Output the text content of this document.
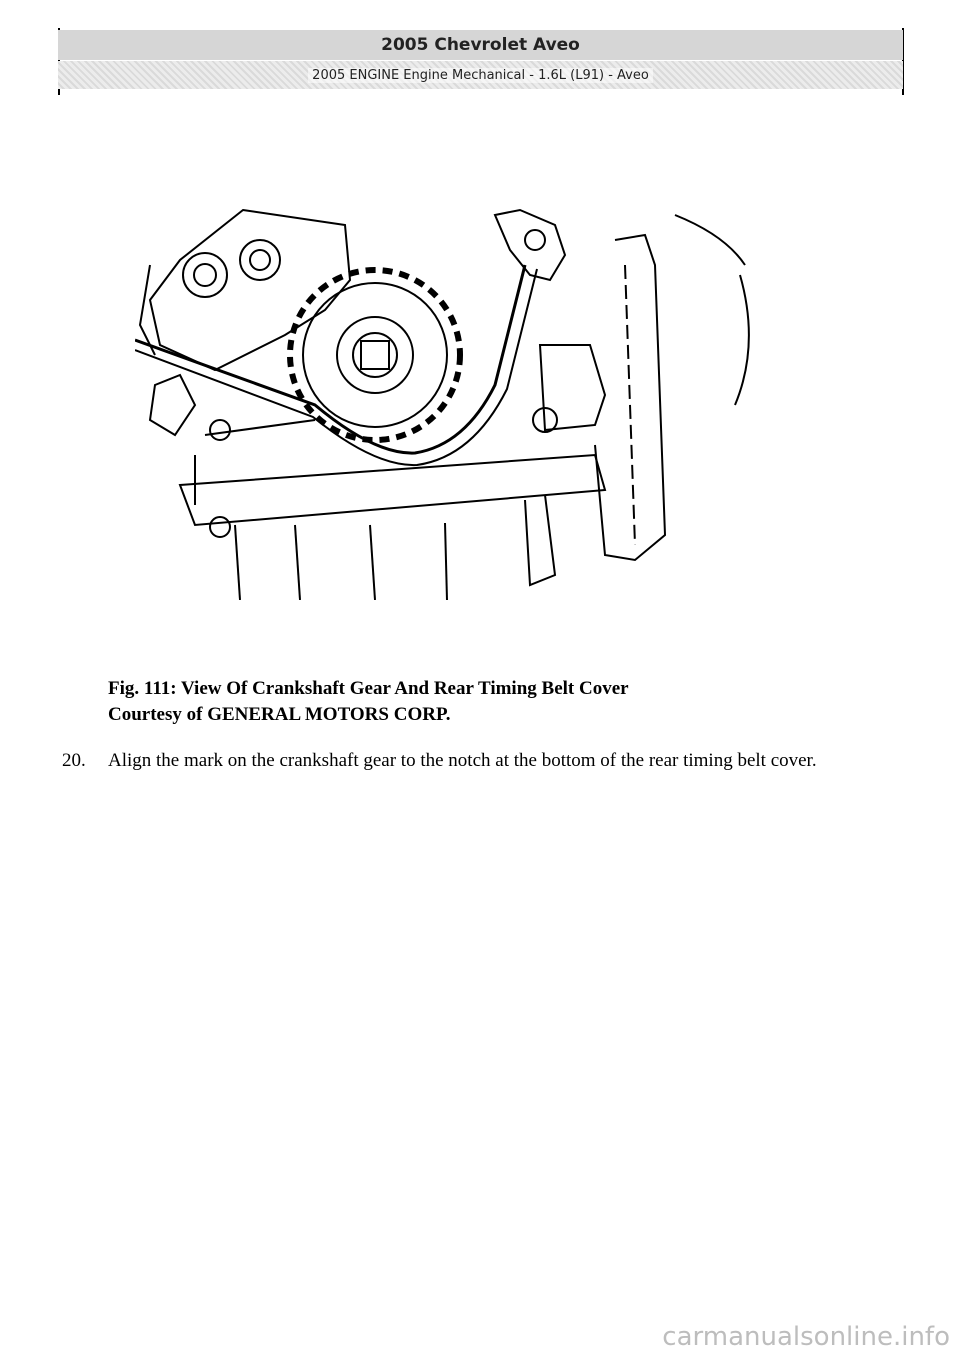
2005 Chevrolet Aveo
2005 ENGINE Engine Mechanical - 1.6L (L91) - Aveo
Fig. 111: View Of Crankshaft Gear And Rear Timing Belt Cover
Courtesy of GENERAL MOTORS CORP.
20.	Align the mark on the crankshaft gear to the notch at the bottom of the rear timing belt cover.
carmanualsonline.info
